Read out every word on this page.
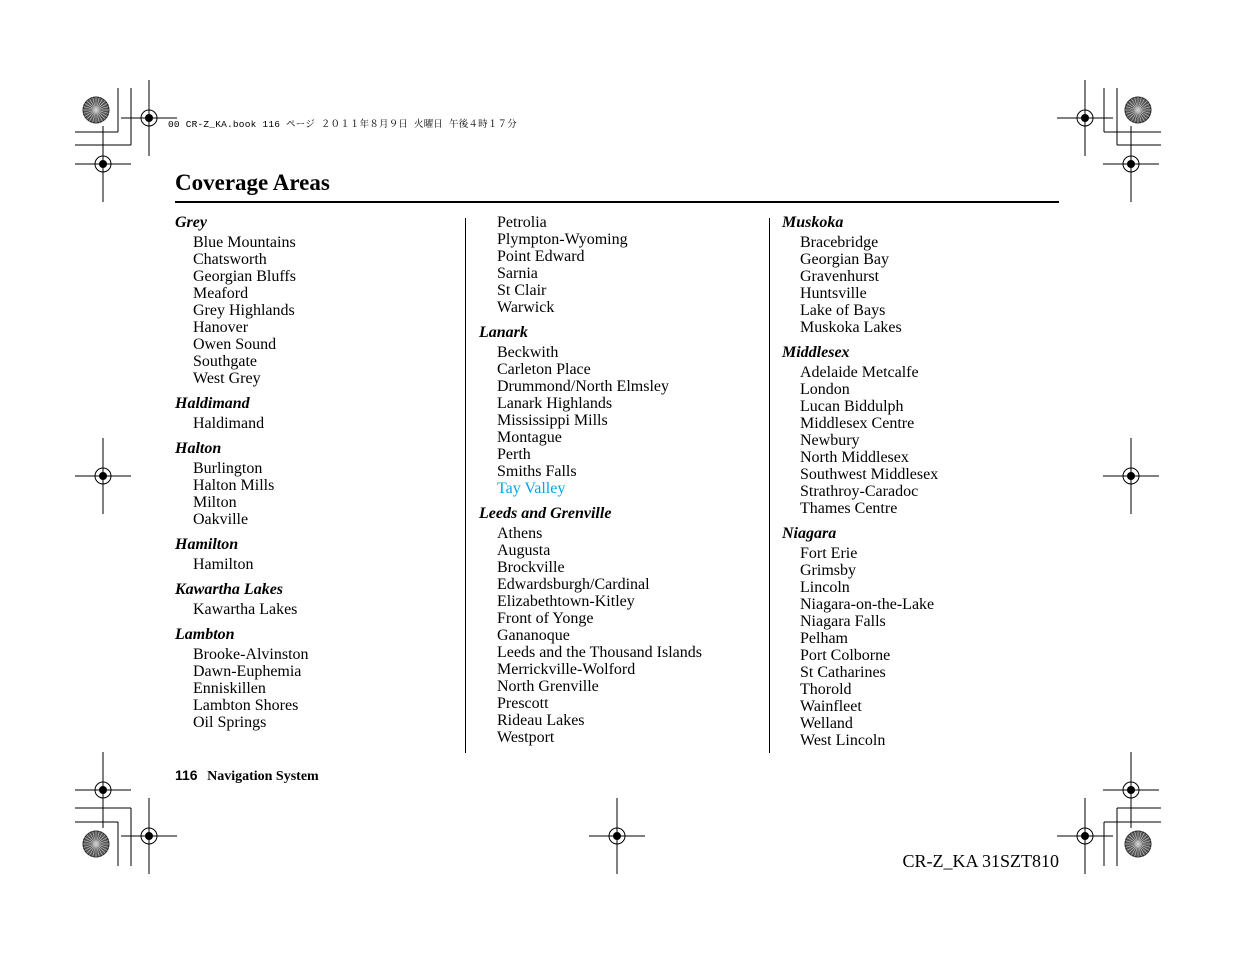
00 CR-Z_KA.book 116 ページ ２０１１年８月９日 火曜日 午後４時１７分
Coverage Areas
Grey
Blue Mountains
Chatsworth
Georgian Bluffs
Meaford
Grey Highlands
Hanover
Owen Sound
Southgate
West Grey
Haldimand
Haldimand
Halton
Burlington
Halton Mills
Milton
Oakville
Hamilton
Hamilton
Kawartha Lakes
Kawartha Lakes
Lambton
Brooke-Alvinston
Dawn-Euphemia
Enniskillen
Lambton Shores
Oil Springs
Petrolia
Plympton-Wyoming
Point Edward
Sarnia
St Clair
Warwick
Lanark
Beckwith
Carleton Place
Drummond/North Elmsley
Lanark Highlands
Mississippi Mills
Montague
Perth
Smiths Falls
Tay Valley
Leeds and Grenville
Athens
Augusta
Brockville
Edwardsburgh/Cardinal
Elizabethtown-Kitley
Front of Yonge
Gananoque
Leeds and the Thousand Islands
Merrickville-Wolford
North Grenville
Prescott
Rideau Lakes
Westport
Muskoka
Bracebridge
Georgian Bay
Gravenhurst
Huntsville
Lake of Bays
Muskoka Lakes
Middlesex
Adelaide Metcalfe
London
Lucan Biddulph
Middlesex Centre
Newbury
North Middlesex
Southwest Middlesex
Strathroy-Caradoc
Thames Centre
Niagara
Fort Erie
Grimsby
Lincoln
Niagara-on-the-Lake
Niagara Falls
Pelham
Port Colborne
St Catharines
Thorold
Wainfleet
Welland
West Lincoln
116 Navigation System
CR-Z_KA 31SZT810
